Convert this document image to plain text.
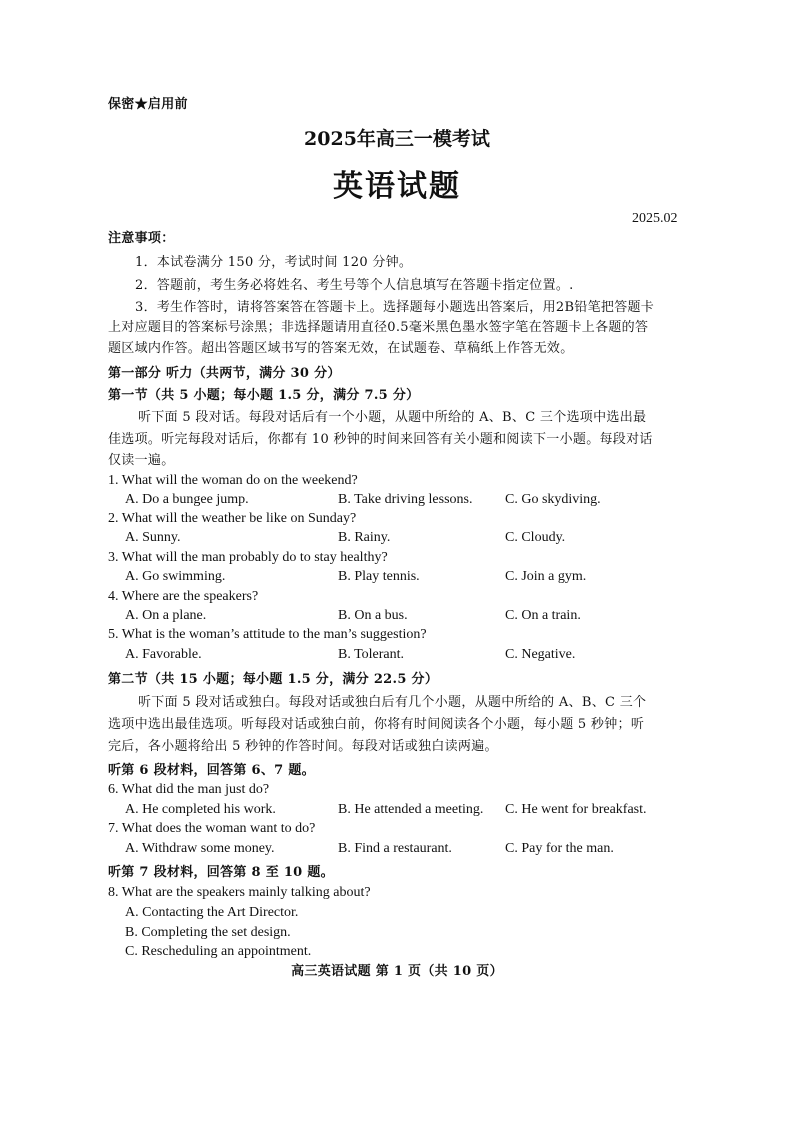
保密★启用前
2025年高三一模考试
英语试题
2025.02
注意事项：
1．本试卷满分 150 分，考试时间 120 分钟。
2．答题前，考生务必将姓名、考生号等个人信息填写在答题卡指定位置。.
3．考生作答时，请将答案答在答题卡上。选择题每小题选出答案后，用2B铅笔把答题卡
上对应题目的答案标号涂黑；非选择题请用直径0.5毫米黑色墨水签字笔在答题卡上各题的答
题区域内作答。超出答题区域书写的答案无效，在试题卷、草稿纸上作答无效。
第一部分 听力（共两节，满分 30 分）
第一节（共 5 小题；每小题 1.5 分，满分 7.5 分）
听下面 5 段对话。每段对话后有一个小题，从题中所给的 A、B、C 三个选项中选出最
佳选项。听完每段对话后，你都有 10 秒钟的时间来回答有关小题和阅读下一小题。每段对话
仅读一遍。
1. What will the woman do on the weekend?
A. Do a bungee jump.	B. Take driving lessons. C. Go skydiving.
2. What will the weather be like on Sunday?
A. Sunny.	B. Rainy.	C. Cloudy.
3. What will the man probably do to stay healthy?
A. Go swimming.	B. Play tennis.	C. Join a gym.
4. Where are the speakers?
A. On a plane.	B. On a bus.	C. On a train.
5. What is the woman’s attitude to the man’s suggestion?
A. Favorable.	B. Tolerant.	C. Negative.
第二节（共 15 小题；每小题 1.5 分，满分 22.5 分）
听下面 5 段对话或独白。每段对话或独白后有几个小题，从题中所给的 A、B、C 三个
选项中选出最佳选项。听每段对话或独白前，你将有时间阅读各个小题，每小题 5 秒钟；听
完后，各小题将给出 5 秒钟的作答时间。每段对话或独白读两遍。
听第 6 段材料，回答第 6、7 题。
6. What did the man just do?
A. He completed his work.	B. He attended a meeting. C. He went for breakfast.
7. What does the woman want to do?
A. Withdraw some money.	B. Find a restaurant.	C. Pay for the man.
听第 7 段材料，回答第 8 至 10 题。
8. What are the speakers mainly talking about?
A. Contacting the Art Director.
B. Completing the set design.
C. Rescheduling an appointment.
高三英语试题 第 1 页（共 10 页）
